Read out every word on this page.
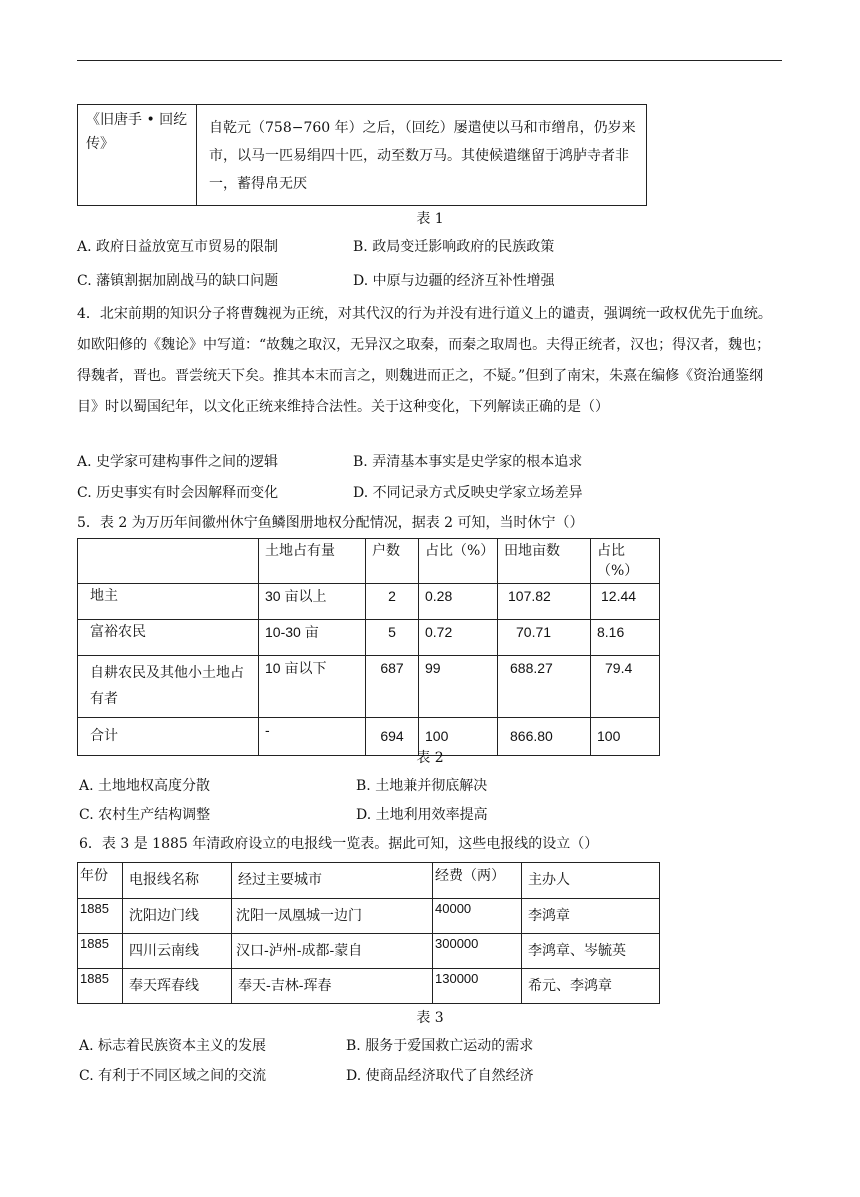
《旧唐手 • 回纥传》	自乾元（758−760 年）之后，（回纥）屡遣使以马和市缯帛，仍岁来市，以马一匹易绢四十匹，动至数万马。其使候遣继留于鸿胪寺者非一，蓄得帛无厌
表 1
A. 政府日益放宽互市贸易的限制	B. 政局变迁影响政府的民族政策
C. 藩镇割据加剧战马的缺口问题	D. 中原与边疆的经济互补性增强
4．北宋前期的知识分子将曹魏视为正统，对其代汉的行为并没有进行道义上的谴责，强调统一政权优先于血统。如欧阳修的《魏论》中写道：“故魏之取汉，无异汉之取秦，而秦之取周也。夫得正统者，汉也；得汉者，魏也；得魏者，晋也。晋尝统天下矣。推其本末而言之，则魏进而正之，不疑。”但到了南宋，朱熹在编修《资治通鉴纲目》时以蜀国纪年，以文化正统来维持合法性。关于这种变化，下列解读正确的是（）
A. 史学家可建构事件之间的逻辑	B. 弄清基本事实是史学家的根本追求
C. 历史事实有时会因解释而变化	D. 不同记录方式反映史学家立场差异
5．表 2 为万历年间徽州休宁鱼鳞图册地权分配情况，据表 2 可知，当时休宁（）
	土地占有量	户数	占比（%）	田地亩数	占比（%）
地主	30 亩以上	2	0.28	107.82	12.44
富裕农民	10-30 亩	5	0.72	70.71	8.16
自耕农民及其他小土地占有者	10 亩以下	687	99	688.27	79.4
合计	-	694	100	866.80	100
表 2
A. 土地地权高度分散	B. 土地兼并彻底解决
C. 农村生产结构调整	D. 土地利用效率提高
6．表 3 是 1885 年清政府设立的电报线一览表。据此可知，这些电报线的设立（）
年份	电报线名称	经过主要城市	经费（两）	主办人
1885	沈阳边门线	沈阳一凤凰城一边门	40000	李鸿章
1885	四川云南线	汉口-泸州-成都-蒙自	300000	李鸿章、岑毓英
1885	奉天珲春线	奉天-吉林-珲春	130000	希元、李鸿章
表 3
A. 标志着民族资本主义的发展	B. 服务于爱国救亡运动的需求
C. 有利于不同区域之间的交流	D. 使商品经济取代了自然经济
